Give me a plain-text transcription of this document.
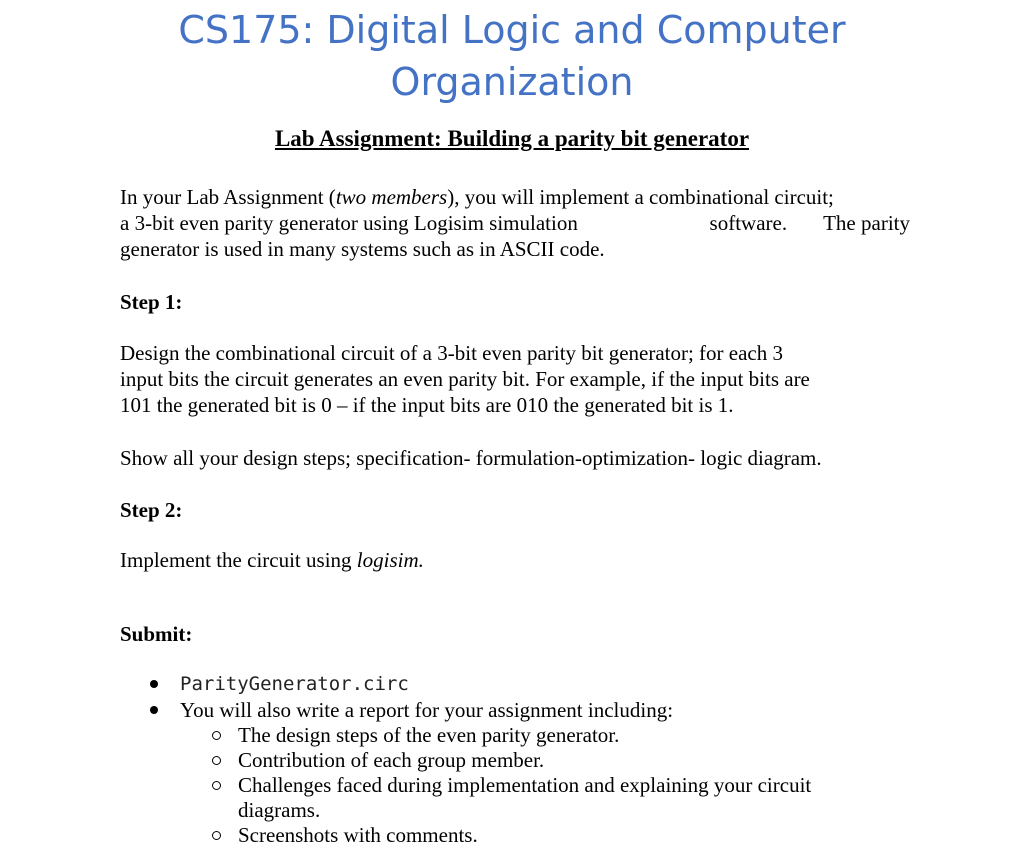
CS175: Digital Logic and Computer
Organization
Lab Assignment: Building a parity bit generator
In your Lab Assignment (two members), you will implement a combinational circuit;
a 3-bit even parity generator using Logisim simulation	software. The parity
generator is used in many systems such as in ASCII code.
Step 1:
Design the combinational circuit of a 3-bit even parity bit generator; for each 3
input bits the circuit generates an even parity bit. For example, if the input bits are
101 the generated bit is 0 – if the input bits are 010 the generated bit is 1.
Show all your design steps; specification- formulation-optimization- logic diagram.
Step 2:
Implement the circuit using logisim.
Submit:
ParityGenerator.circ
You will also write a report for your assignment including:
The design steps of the even parity generator.
Contribution of each group member.
Challenges faced during implementation and explaining your circuit
diagrams.
Screenshots with comments.
